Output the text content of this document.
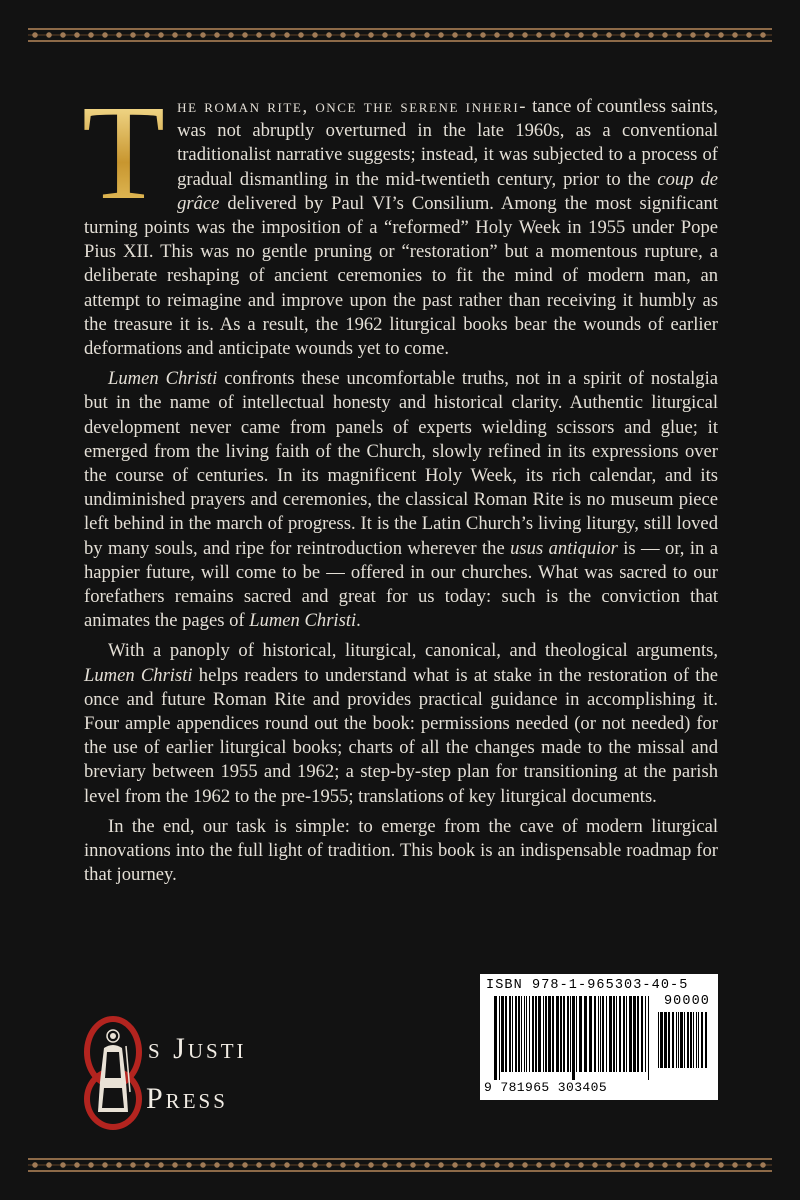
T he roman rite, once the serene inheri- tance of countless saints, was not abruptly overturned in the late 1960s, as a conventional traditionalist narrative suggests; instead, it was subjected to a process of gradual dismantling in the mid-twentieth century, prior to the coup de grâce delivered by Paul VI’s Consilium. Among the most significant turning points was the imposition of a “reformed” Holy Week in 1955 under Pope Pius XII. This was no gentle pruning or “restoration” but a momentous rupture, a deliberate reshaping of ancient ceremonies to fit the mind of modern man, an attempt to reimagine and improve upon the past rather than receiving it humbly as the treasure it is. As a result, the 1962 liturgical books bear the wounds of earlier deformations and anticipate wounds yet to come.

Lumen Christi confronts these uncomfortable truths, not in a spirit of nostalgia but in the name of intellectual honesty and historical clarity. Authentic liturgical development never came from panels of experts wielding scissors and glue; it emerged from the living faith of the Church, slowly refined in its expressions over the course of centuries. In its magnificent Holy Week, its rich calendar, and its undiminished prayers and ceremonies, the classical Roman Rite is no museum piece left behind in the march of progress. It is the Latin Church’s living liturgy, still loved by many souls, and ripe for reintroduction wherever the usus antiquior is — or, in a happier future, will come to be — offered in our churches. What was sacred to our forefathers remains sacred and great for us today: such is the conviction that animates the pages of Lumen Christi.

With a panoply of historical, liturgical, canonical, and theological arguments, Lumen Christi helps readers to understand what is at stake in the restoration of the once and future Roman Rite and provides practical guidance in accomplishing it. Four ample appendices round out the book: permissions needed (or not needed) for the use of earlier liturgical books; charts of all the changes made to the missal and breviary between 1955 and 1962; a step-by-step plan for transitioning at the parish level from the 1962 to the pre-1955; translations of key liturgical documents.

In the end, our task is simple: to emerge from the cave of modern liturgical innovations into the full light of tradition. This book is an indispensable roadmap for that journey.

s Justi
Press
ISBN 978-1-965303-40-5
90000
9 781965 303405
